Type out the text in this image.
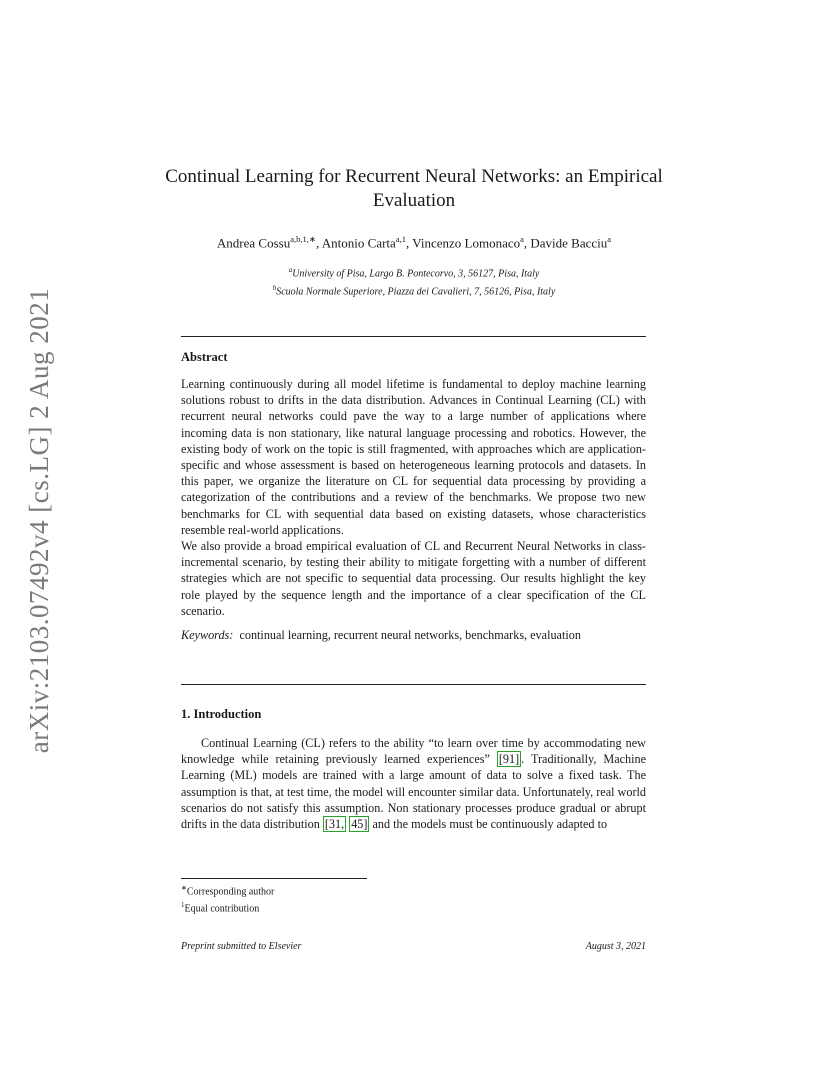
arXiv:2103.07492v4 [cs.LG] 2 Aug 2021
Continual Learning for Recurrent Neural Networks: an Empirical Evaluation
Andrea Cossu$^{a,b,1,∗}$, Antonio Carta$^{a,1}$, Vincenzo Lomonaco$^a$, Davide Bacciu$^a$
$^a$University of Pisa, Largo B. Pontecorvo, 3, 56127, Pisa, Italy
$^b$Scuola Normale Superiore, Piazza dei Cavalieri, 7, 56126, Pisa, Italy
Abstract

Learning continuously during all model lifetime is fundamental to deploy machine learning solutions robust to drifts in the data distribution. Advances in Continual Learning (CL) with recurrent neural networks could pave the way to a large number of applications where incoming data is non stationary, like natural language processing and robotics. However, the existing body of work on the topic is still fragmented, with approaches which are application-specific and whose assessment is based on heterogeneous learning protocols and datasets. In this paper, we organize the literature on CL for sequential data processing by providing a categorization of the contributions and a review of the benchmarks. We propose two new benchmarks for CL with sequential data based on existing datasets, whose characteristics resemble real-world applications.

We also provide a broad empirical evaluation of CL and Recurrent Neural Networks in class-incremental scenario, by testing their ability to mitigate forgetting with a number of different strategies which are not specific to sequential data processing. Our results highlight the key role played by the sequence length and the importance of a clear specification of the CL scenario.

Keywords: continual learning, recurrent neural networks, benchmarks, evaluation
1. Introduction

Continual Learning (CL) refers to the ability “to learn over time by accommodating new knowledge while retaining previously learned experiences” [91] . Traditionally, Machine Learning (ML) models are trained with a large amount of data to solve a fixed task. The assumption is that, at test time, the model will encounter similar data. Unfortunately, real world scenarios do not satisfy this assumption. Non stationary processes produce gradual or abrupt drifts in the data distribution [31, 45] and the models must be continuously adapted to

∗Corresponding author
$^1$Equal contribution
Preprint submitted to Elsevier	August 3, 2021
